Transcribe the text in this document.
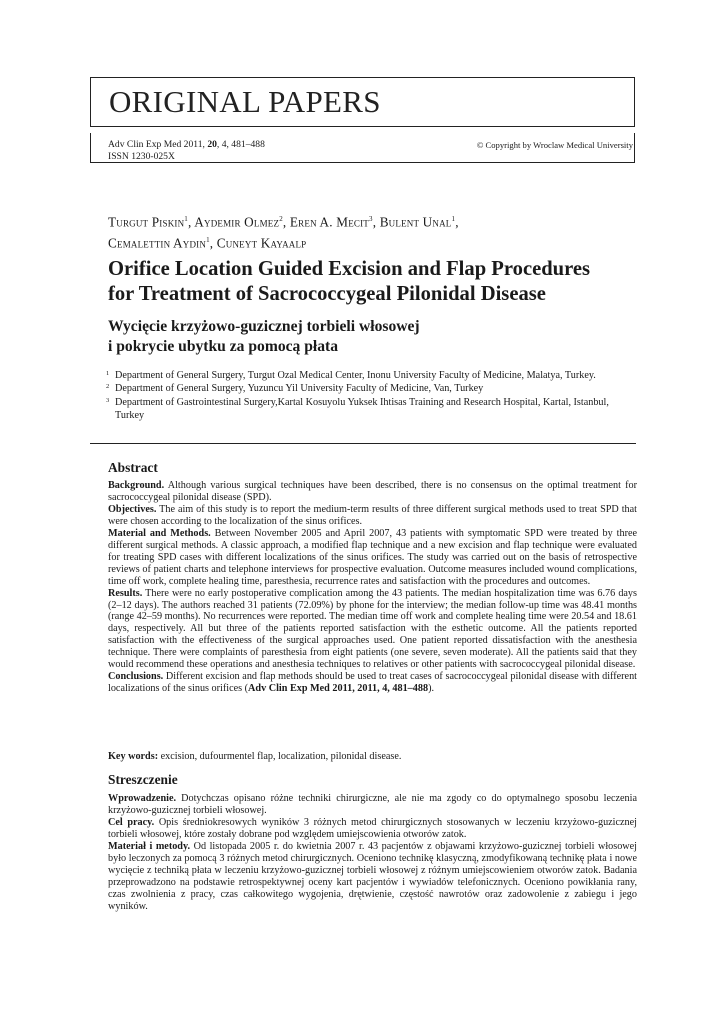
ORIGINAL PAPERS
Adv Clin Exp Med 2011, 20, 4, 481–488
ISSN 1230-025X
© Copyright by Wroclaw Medical University
Turgut Piskin$^1$, Aydemir Olmez$^2$, Eren A. Mecit$^3$, Bulent Unal$^1$,
Cemalettin Aydin$^1$, Cuneyt Kayaalp
Orifice Location Guided Excision and Flap Procedures
for Treatment of Sacrococcygeal Pilonidal Disease
Wycięcie krzyżowo-guzicznej torbieli włosowej
i pokrycie ubytku za pomocą płata
1 Department of General Surgery, Turgut Ozal Medical Center, Inonu University Faculty of Medicine, Malatya, Turkey.
2 Department of General Surgery, Yuzuncu Yil University Faculty of Medicine, Van, Turkey
3 Department of Gastrointestinal Surgery,Kartal Kosuyolu Yuksek Ihtisas Training and Research Hospital, Kartal, Istanbul, Turkey
Abstract

Background. Although various surgical techniques have been described, there is no consensus on the optimal treatment for sacrococcygeal pilonidal disease (SPD).

Objectives. The aim of this study is to report the medium-term results of three different surgical methods used to treat SPD that were chosen according to the localization of the sinus orifices.

Material and Methods. Between November 2005 and April 2007, 43 patients with symptomatic SPD were treated by three different surgical methods. A classic approach, a modified flap technique and a new excision and flap technique were evaluated for treating SPD cases with different localizations of the sinus orifices. The study was carried out on the basis of retrospective reviews of patient charts and telephone interviews for prospective evaluation. Outcome measures included wound complications, time off work, complete healing time, paresthesia, recurrence rates and satisfaction with the procedures and outcomes.

Results. There were no early postoperative complication among the 43 patients. The median hospitalization time was 6.76 days (2–12 days). The authors reached 31 patients (72.09%) by phone for the interview; the median follow-up time was 48.41 months (range 42–59 months). No recurrences were reported. The median time off work and complete healing time were 20.54 and 18.61 days, respectively. All but three of the patients reported satisfaction with the esthetic outcome. All the patients reported satisfaction with the effectiveness of the surgical approaches used. One patient reported dissatisfaction with the anesthesia technique. There were complaints of paresthesia from eight patients (one severe, seven moderate). All the patients said that they would recommend these operations and anesthesia techniques to relatives or other patients with sacrococcygeal pilonidal disease.

Conclusions. Different excision and flap methods should be used to treat cases of sacrococcygeal pilonidal disease with different localizations of the sinus orifices (Adv Clin Exp Med 2011, 2011, 4, 481–488).

Key words: excision, dufourmentel flap, localization, pilonidal disease.
Streszczenie

Wprowadzenie. Dotychczas opisano różne techniki chirurgiczne, ale nie ma zgody co do optymalnego sposobu leczenia krzyżowo-guzicznej torbieli włosowej.

Cel pracy. Opis średniokresowych wyników 3 różnych metod chirurgicznych stosowanych w leczeniu krzyżowo-guzicznej torbieli włosowej, które zostały dobrane pod względem umiejscowienia otworów zatok.

Materiał i metody. Od listopada 2005 r. do kwietnia 2007 r. 43 pacjentów z objawami krzyżowo-guzicznej torbieli włosowej było leczonych za pomocą 3 różnych metod chirurgicznych. Oceniono technikę klasyczną, zmodyfikowaną technikę płata i nowe wycięcie z techniką płata w leczeniu krzyżowo-guzicznej torbieli włosowej z różnym umiejscowieniem otworów zatok. Badania przeprowadzono na podstawie retrospektywnej oceny kart pacjentów i wywiadów telefonicznych. Oceniono powikłania rany, czas zwolnienia z pracy, czas całkowitego wygojenia, drętwienie, częstość nawrotów oraz zadowolenie z zabiegu i jego wyników.
